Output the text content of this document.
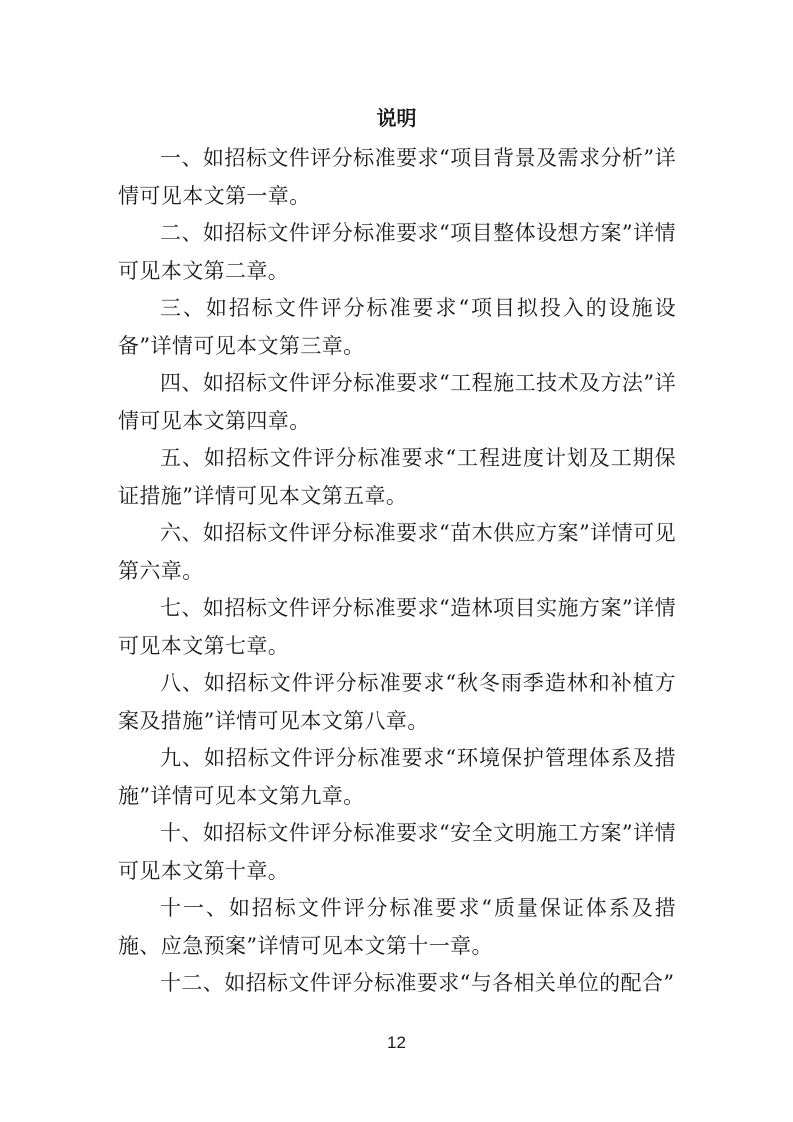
说明

一、如招标文件评分标准要求“项目背景及需求分析”详情可见本文第一章。

二、如招标文件评分标准要求“项目整体设想方案”详情可见本文第二章。

三、如招标文件评分标准要求“项目拟投入的设施设备”详情可见本文第三章。

四、如招标文件评分标准要求“工程施工技术及方法”详情可见本文第四章。

五、如招标文件评分标准要求“工程进度计划及工期保证措施”详情可见本文第五章。

六、如招标文件评分标准要求“苗木供应方案”详情可见第六章。

七、如招标文件评分标准要求“造林项目实施方案”详情可见本文第七章。

八、如招标文件评分标准要求“秋冬雨季造林和补植方案及措施”详情可见本文第八章。

九、如招标文件评分标准要求“环境保护管理体系及措施”详情可见本文第九章。

十、如招标文件评分标准要求“安全文明施工方案”详情可见本文第十章。

十一、如招标文件评分标准要求“质量保证体系及措施、应急预案”详情可见本文第十一章。

十二、如招标文件评分标准要求“与各相关单位的配合”

12
